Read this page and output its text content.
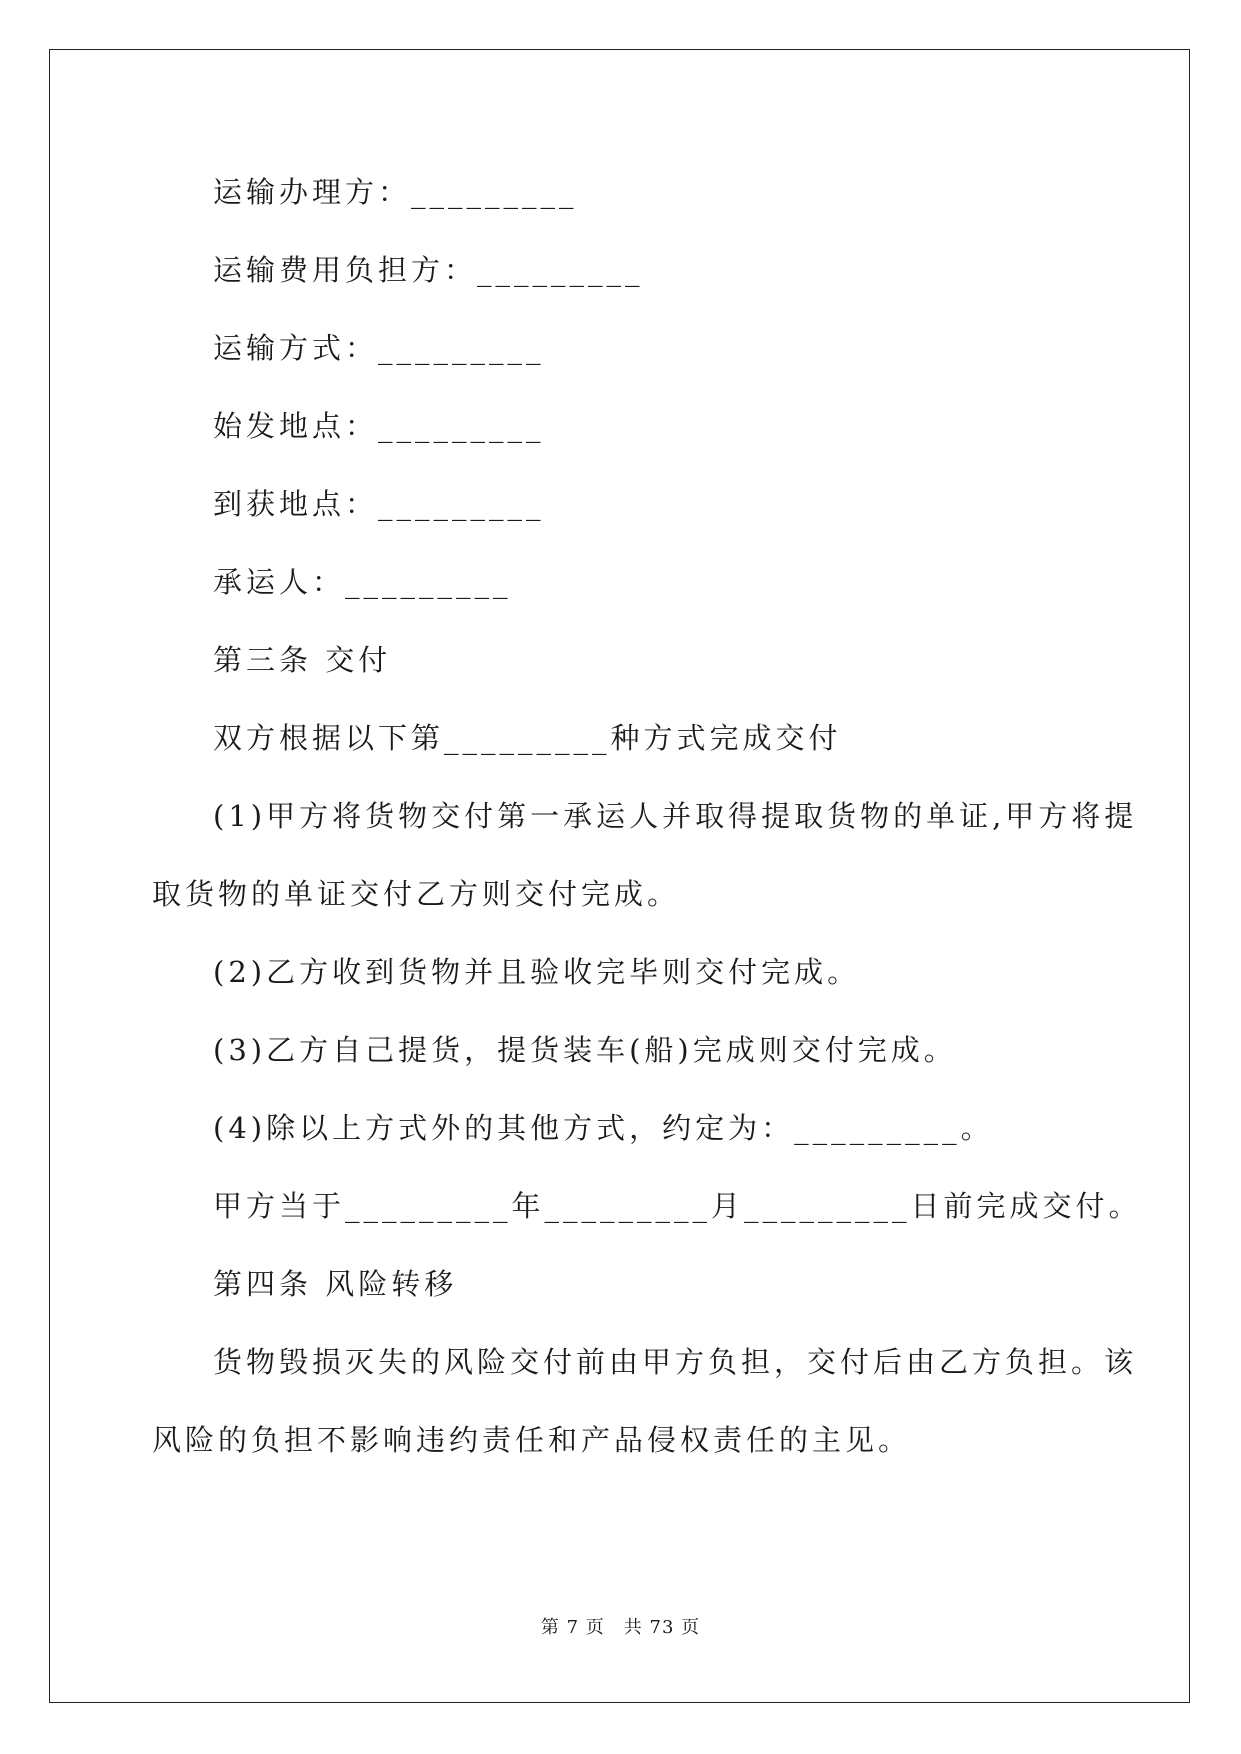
运输办理方：_________
运输费用负担方：_________
运输方式：_________
始发地点：_________
到获地点：_________
承运人：_________
第三条 交付
双方根据以下第_________种方式完成交付
(1)甲方将货物交付第一承运人并取得提取货物的单证,甲方将提
取货物的单证交付乙方则交付完成。
(2)乙方收到货物并且验收完毕则交付完成。
(3)乙方自己提货，提货装车(船)完成则交付完成。
(4)除以上方式外的其他方式，约定为：_________。
甲方当于_________年_________月_________日前完成交付。
第四条 风险转移
货物毁损灭失的风险交付前由甲方负担，交付后由乙方负担。该
风险的负担不影响违约责任和产品侵权责任的主见。
第 7 页　共 73 页
